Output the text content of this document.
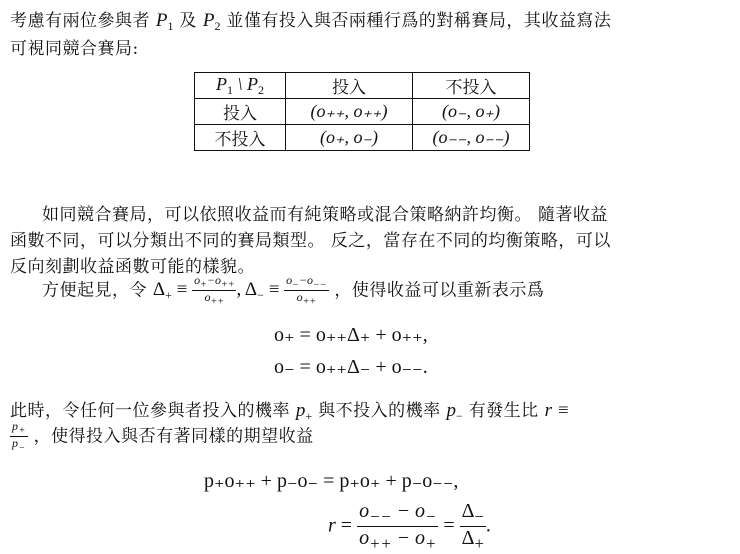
考慮有兩位參與者 $P_1$ 及 $P_2$ 並僅有投入與否兩種行爲的對稱賽局，其收益寫法
可視同競合賽局:
$P_1$ \ $P_2$	投入	不投入
投入	(o₊₊, o₊₊)	(o₋, o₊)
不投入	(o₊, o₋)	(o₋₋, o₋₋)
如同競合賽局，可以依照收益而有純策略或混合策略納許均衡。 隨著收益
函數不同，可以分類出不同的賽局類型。 反之，當存在不同的均衡策略，可以
反向刻劃收益函數可能的樣貌。
方便起見，令 $\Delta_+ \equiv \frac{o_+-o_{++}}{o_{++}}$ , $\Delta_- \equiv \frac{o_--o_{--}}{o_{++}}$ ，使得收益可以重新表示爲
o₊ = o₊₊Δ₊ + o₊₊,
o₋ = o₊₊Δ₋ + o₋₋.
此時，令任何一位參與者投入的機率 $p_+$ 與不投入的機率 $p_-$ 有發生比 r ≡
$\frac{p_+}{p_-}$ ，使得投入與否有著同樣的期望收益
p₊o₊₊ + p₋o₋ = p₊o₊ + p₋o₋₋,
$r = \frac{o_{--} - o_-}{o_{++} - o_+} = \frac{\Delta_-}{\Delta_+}$ .
